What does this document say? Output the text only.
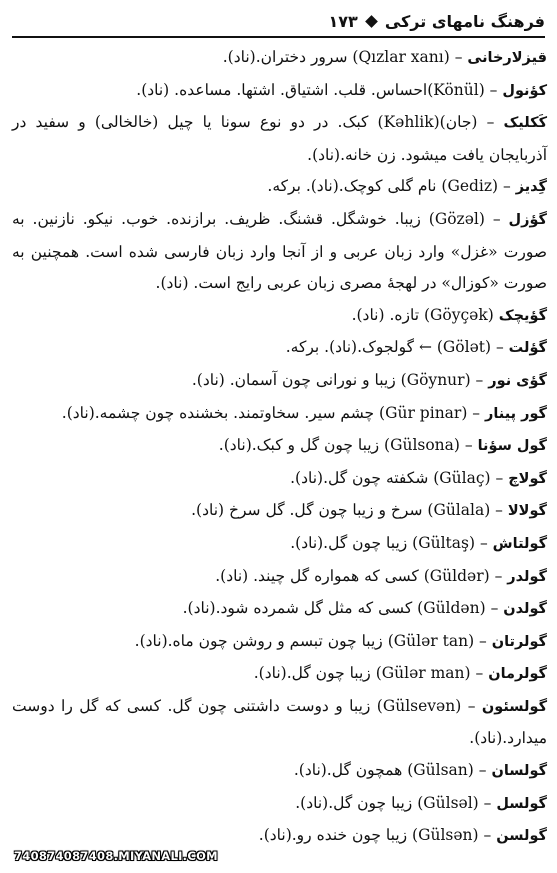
فرهنگ نامهای ترکی
۱۷۳
قیزلارخانی – (Qızlar xanı) سرور دختران.(ناد).
کؤنول – (Könül)احساس. قلب. اشتیاق. اشتها. مساعده. (ناد).
کَکلیک – (جان)(Kəhlik) کبک. در دو نوع سونا یا چیل (خالخالی) و سفید در آذربایجان یافت میشود. زن خانه.(ناد).
گِدیز – (Gediz) نام گلی کوچک.(ناد). برکه.
گؤزل – (Gözəl) زیبا. خوشگل. قشنگ. ظریف. برازنده. خوب. نیکو. نازنین. به صورت «غزل» وارد زبان عربی و از آنجا وارد زبان فارسی شده است. همچنین به صورت «کوزال» در لهجهٔ مصری زبان عربی رایج است. (ناد).
گؤیچک (Göyçək) تازه. (ناد).
گؤلت – (Gölət) ← گولجوک.(ناد). برکه.
گؤی نور – (Göynur) زیبا و نورانی چون آسمان. (ناد).
گور پینار – (Gür pinar) چشم سیر. سخاوتمند. بخشنده چون چشمه.(ناد).
گول سؤنا – (Gülsona) زیبا چون گل و کبک.(ناد).
گولاچ – (Gülaç) شکفته چون گل.(ناد).
گولالا – (Gülala) سرخ و زیبا چون گل. گل سرخ (ناد).
گولتاش – (Gültaş) زیبا چون گل.(ناد).
گولدر – (Güldər) کسی که همواره گل چیند. (ناد).
گولدن – (Güldən) کسی که مثل گل شمرده شود.(ناد).
گولرتان – (Gülər tan) زیبا چون تبسم و روشن چون ماه.(ناد).
گولرمان – (Gülər man) زیبا چون گل.(ناد).
گولسئون – (Gülsevən) زیبا و دوست داشتنی چون گل. کسی که گل را دوست میدارد.(ناد).
گولسان – (Gülsan) همچون گل.(ناد).
گولسل – (Gülsəl) زیبا چون گل.(ناد).
گولسن – (Gülsən) زیبا چون خنده رو.(ناد).
740874087408.MIYANALI.COM
